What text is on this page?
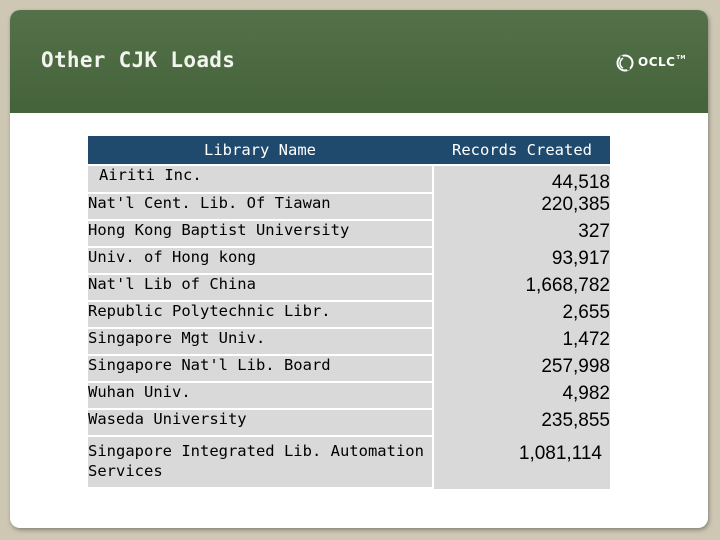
Other CJK Loads	OCLC™
Library Name		Records Created
Airiti Inc.		44,518
Nat'l Cent. Lib. Of Tiawan		220,385
Hong Kong Baptist University		327
Univ. of Hong kong		93,917
Nat'l Lib of China		1,668,782
Republic Polytechnic Libr.		2,655
Singapore Mgt Univ.		1,472
Singapore Nat'l Lib. Board		257,998
Wuhan Univ.		4,982
Waseda University		235,855
Singapore Integrated Lib. Automation Services		1,081,114
